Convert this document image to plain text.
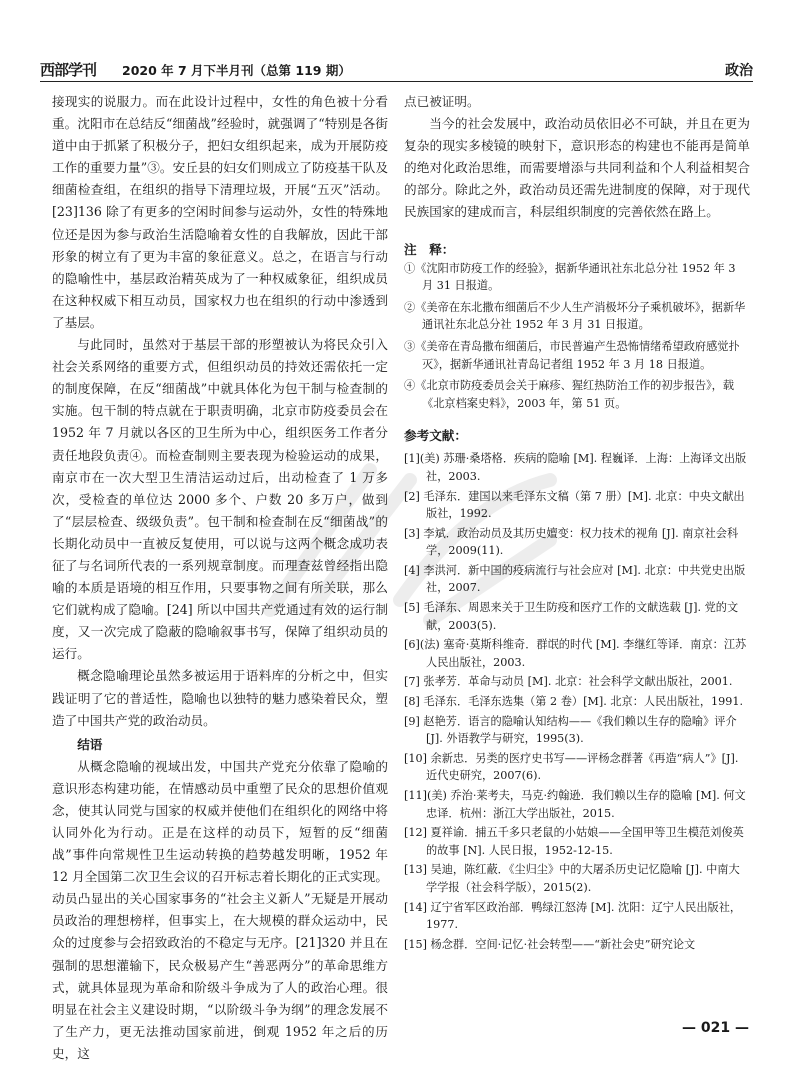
西部学刊 2020 年 7 月下半月刊（总第 119 期）	政治

接现实的说服力。而在此设计过程中，女性的角色被十分看重。沈阳市在总结反“细菌战”经验时，就强调了“特别是各街道中由于抓紧了积极分子，把妇女组织起来，成为开展防疫工作的重要力量”③。安丘县的妇女们则成立了防疫基干队及细菌检查组，在组织的指导下清理垃圾，开展“五灭”活动。[23]136 除了有更多的空闲时间参与运动外，女性的特殊地位还是因为参与政治生活隐喻着女性的自我解放，因此干部形象的树立有了更为丰富的象征意义。总之，在语言与行动的隐喻性中，基层政治精英成为了一种权威象征，组织成员在这种权威下相互动员，国家权力也在组织的行动中渗透到了基层。

与此同时，虽然对于基层干部的形塑被认为将民众引入社会关系网络的重要方式，但组织动员的持效还需依托一定的制度保障，在反“细菌战”中就具体化为包干制与检查制的实施。包干制的特点就在于职责明确，北京市防疫委员会在 1952 年 7 月就以各区的卫生所为中心，组织医务工作者分责任地段负责④。而检查制则主要表现为检验运动的成果，南京市在一次大型卫生清洁运动过后，出动检查了 1 万多次，受检查的单位达 2000 多个、户数 20 多万户，做到了“层层检查、级级负责”。包干制和检查制在反“细菌战”的长期化动员中一直被反复使用，可以说与这两个概念成功表征了与名词所代表的一系列规章制度。而理查兹曾经指出隐喻的本质是语境的相互作用，只要事物之间有所关联，那么它们就构成了隐喻。[24] 所以中国共产党通过有效的运行制度，又一次完成了隐蔽的隐喻叙事书写，保障了组织动员的运行。

概念隐喻理论虽然多被运用于语料库的分析之中，但实践证明了它的普适性，隐喻也以独特的魅力感染着民众，塑造了中国共产党的政治动员。

结语

从概念隐喻的视域出发，中国共产党充分依靠了隐喻的意识形态构建功能，在情感动员中重塑了民众的思想价值观念，使其认同党与国家的权威并使他们在组织化的网络中将认同外化为行动。正是在这样的动员下，短暂的反“细菌战”事件向常规性卫生运动转换的趋势越发明晰，1952 年 12 月全国第二次卫生会议的召开标志着长期化的正式实现。动员凸显出的关心国家事务的“社会主义新人”无疑是开展动员政治的理想榜样，但事实上，在大规模的群众运动中，民众的过度参与会招致政治的不稳定与无序。[21]320 并且在强制的思想灌输下，民众极易产生“善恶两分”的革命思维方式，就具体显现为革命和阶级斗争成为了人的政治心理。很明显在社会主义建设时期，“以阶级斗争为纲”的理念发展不了生产力，更无法推动国家前进，倒观 1952 年之后的历史，这

点已被证明。

当今的社会发展中，政治动员依旧必不可缺，并且在更为复杂的现实多棱镜的映射下，意识形态的构建也不能再是简单的绝对化政治思维，而需要增添与共同利益和个人利益相契合的部分。除此之外，政治动员还需先进制度的保障，对于现代民族国家的建成而言，科层组织制度的完善依然在路上。

注　释：

①《沈阳市防疫工作的经验》，据新华通讯社东北总分社 1952 年 3 月 31 日报道。

②《美帝在东北撒布细菌后不少人生产消极坏分子乘机破坏》，据新华通讯社东北总分社 1952 年 3 月 31 日报道。

③《美帝在青岛撒布细菌后，市民普遍产生恐怖情绪希望政府感觉扑灭》，据新华通讯社青岛记者组 1952 年 3 月 18 日报道。

④《北京市防疫委员会关于麻疹、猩红热防治工作的初步报告》，载《北京档案史料》，2003 年，第 51 页。

参考文献：

[1](美) 苏珊·桑塔格．疾病的隐喻 [M]. 程巍译．上海：上海译文出版社，2003.

[2] 毛泽东．建国以来毛泽东文稿（第 7 册）[M]. 北京：中央文献出版社，1992.

[3] 李斌．政治动员及其历史嬗变：权力技术的视角 [J]. 南京社会科学，2009(11).

[4] 李洪河．新中国的疫病流行与社会应对 [M]. 北京：中共党史出版社，2007.

[5] 毛泽东、周恩来关于卫生防疫和医疗工作的文献选载 [J]. 党的文献，2003(5).

[6](法) 塞奇·莫斯科维奇．群氓的时代 [M]. 李继红等译．南京：江苏人民出版社，2003.

[7] 张孝芳．革命与动员 [M]. 北京：社会科学文献出版社，2001.

[8] 毛泽东．毛泽东选集（第 2 卷）[M]. 北京：人民出版社，1991.

[9] 赵艳芳．语言的隐喻认知结构——《我们赖以生存的隐喻》评介 [J]. 外语教学与研究，1995(3).

[10] 余新忠．另类的医疗史书写——评杨念群著《再造“病人”》[J]. 近代史研究，2007(6).

[11](美) 乔治·莱考夫，马克·约翰逊．我们赖以生存的隐喻 [M]. 何文忠译．杭州：浙江大学出版社，2015.

[12] 夏祥谕．捕五千多只老鼠的小姑娘——全国甲等卫生模范刘俊英的故事 [N]. 人民日报，1952-12-15.

[13] 吴迪，陈红蔽．《尘归尘》中的大屠杀历史记忆隐喻 [J]. 中南大学学报（社会科学版），2015(2).

[14] 辽宁省军区政治部．鸭绿江怒涛 [M]. 沈阳：辽宁人民出版社，1977.

[15] 杨念群．空间·记忆·社会转型——“新社会史”研究论文

— 021 —
